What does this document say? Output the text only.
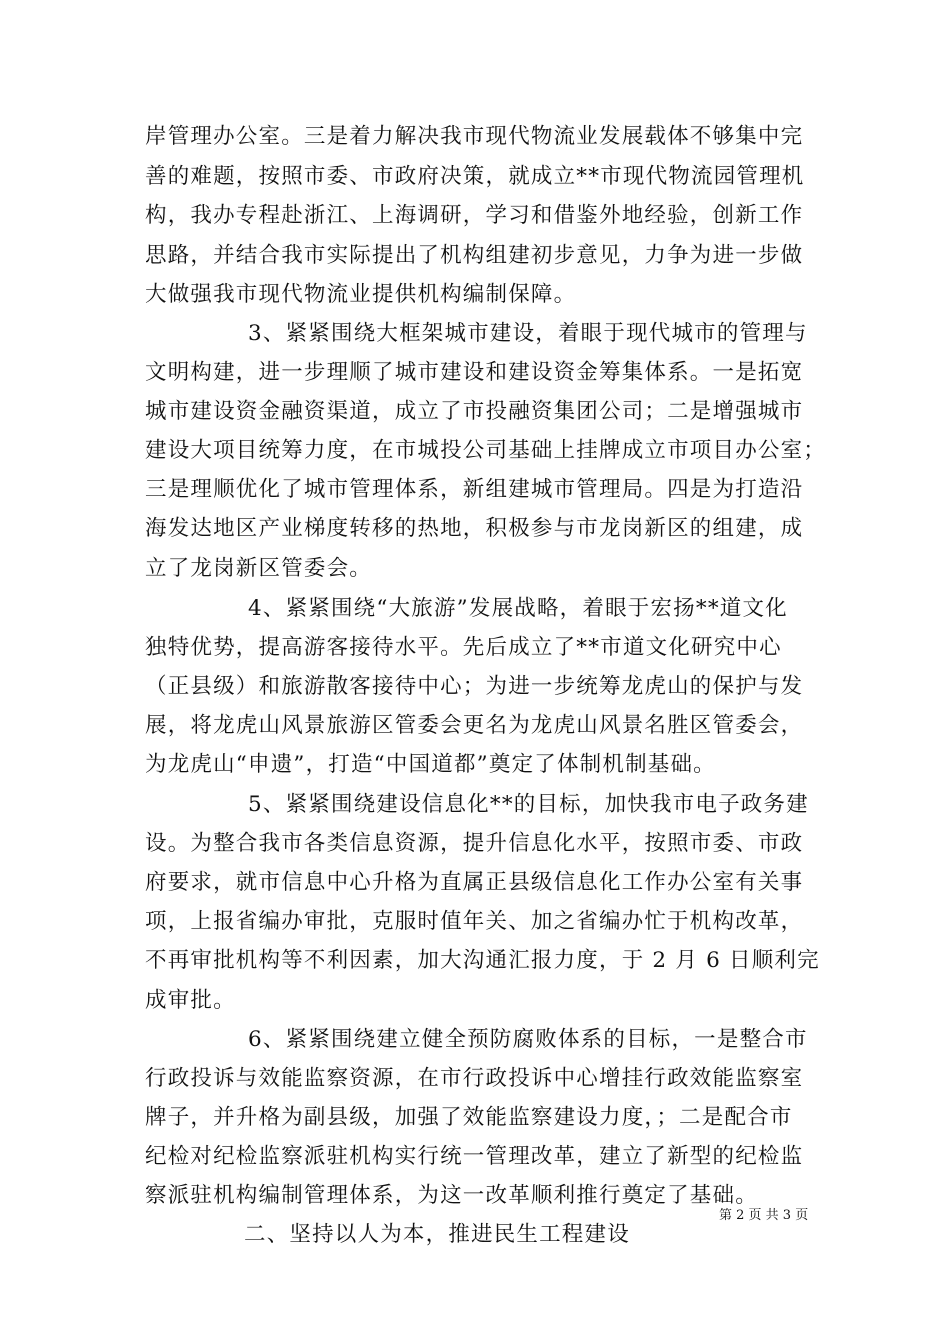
岸管理办公室。三是着力解决我市现代物流业发展载体不够集中完
善的难题，按照市委、市政府决策，就成立**市现代物流园管理机
构，我办专程赴浙江、上海调研，学习和借鉴外地经验，创新工作
思路，并结合我市实际提出了机构组建初步意见，力争为进一步做
大做强我市现代物流业提供机构编制保障。
3、紧紧围绕大框架城市建设，着眼于现代城市的管理与
文明构建，进一步理顺了城市建设和建设资金筹集体系。一是拓宽
城市建设资金融资渠道，成立了市投融资集团公司；二是增强城市
建设大项目统筹力度，在市城投公司基础上挂牌成立市项目办公室；
三是理顺优化了城市管理体系，新组建城市管理局。四是为打造沿
海发达地区产业梯度转移的热地，积极参与市龙岗新区的组建，成
立了龙岗新区管委会。
4、紧紧围绕“大旅游”发展战略，着眼于宏扬**道文化
独特优势，提高游客接待水平。先后成立了**市道文化研究中心
（正县级）和旅游散客接待中心；为进一步统筹龙虎山的保护与发
展，将龙虎山风景旅游区管委会更名为龙虎山风景名胜区管委会，
为龙虎山“申遗”，打造“中国道都”奠定了体制机制基础。
5、紧紧围绕建设信息化**的目标，加快我市电子政务建
设。为整合我市各类信息资源，提升信息化水平，按照市委、市政
府要求，就市信息中心升格为直属正县级信息化工作办公室有关事
项，上报省编办审批，克服时值年关、加之省编办忙于机构改革，
不再审批机构等不利因素，加大沟通汇报力度，于 2 月 6 日顺利完
成审批。
6、紧紧围绕建立健全预防腐败体系的目标，一是整合市
行政投诉与效能监察资源，在市行政投诉中心增挂行政效能监察室
牌子，并升格为副县级，加强了效能监察建设力度，；二是配合市
纪检对纪检监察派驻机构实行统一管理改革，建立了新型的纪检监
察派驻机构编制管理体系，为这一改革顺利推行奠定了基础。
二、坚持以人为本，推进民生工程建设
第 2 页 共 3 页
